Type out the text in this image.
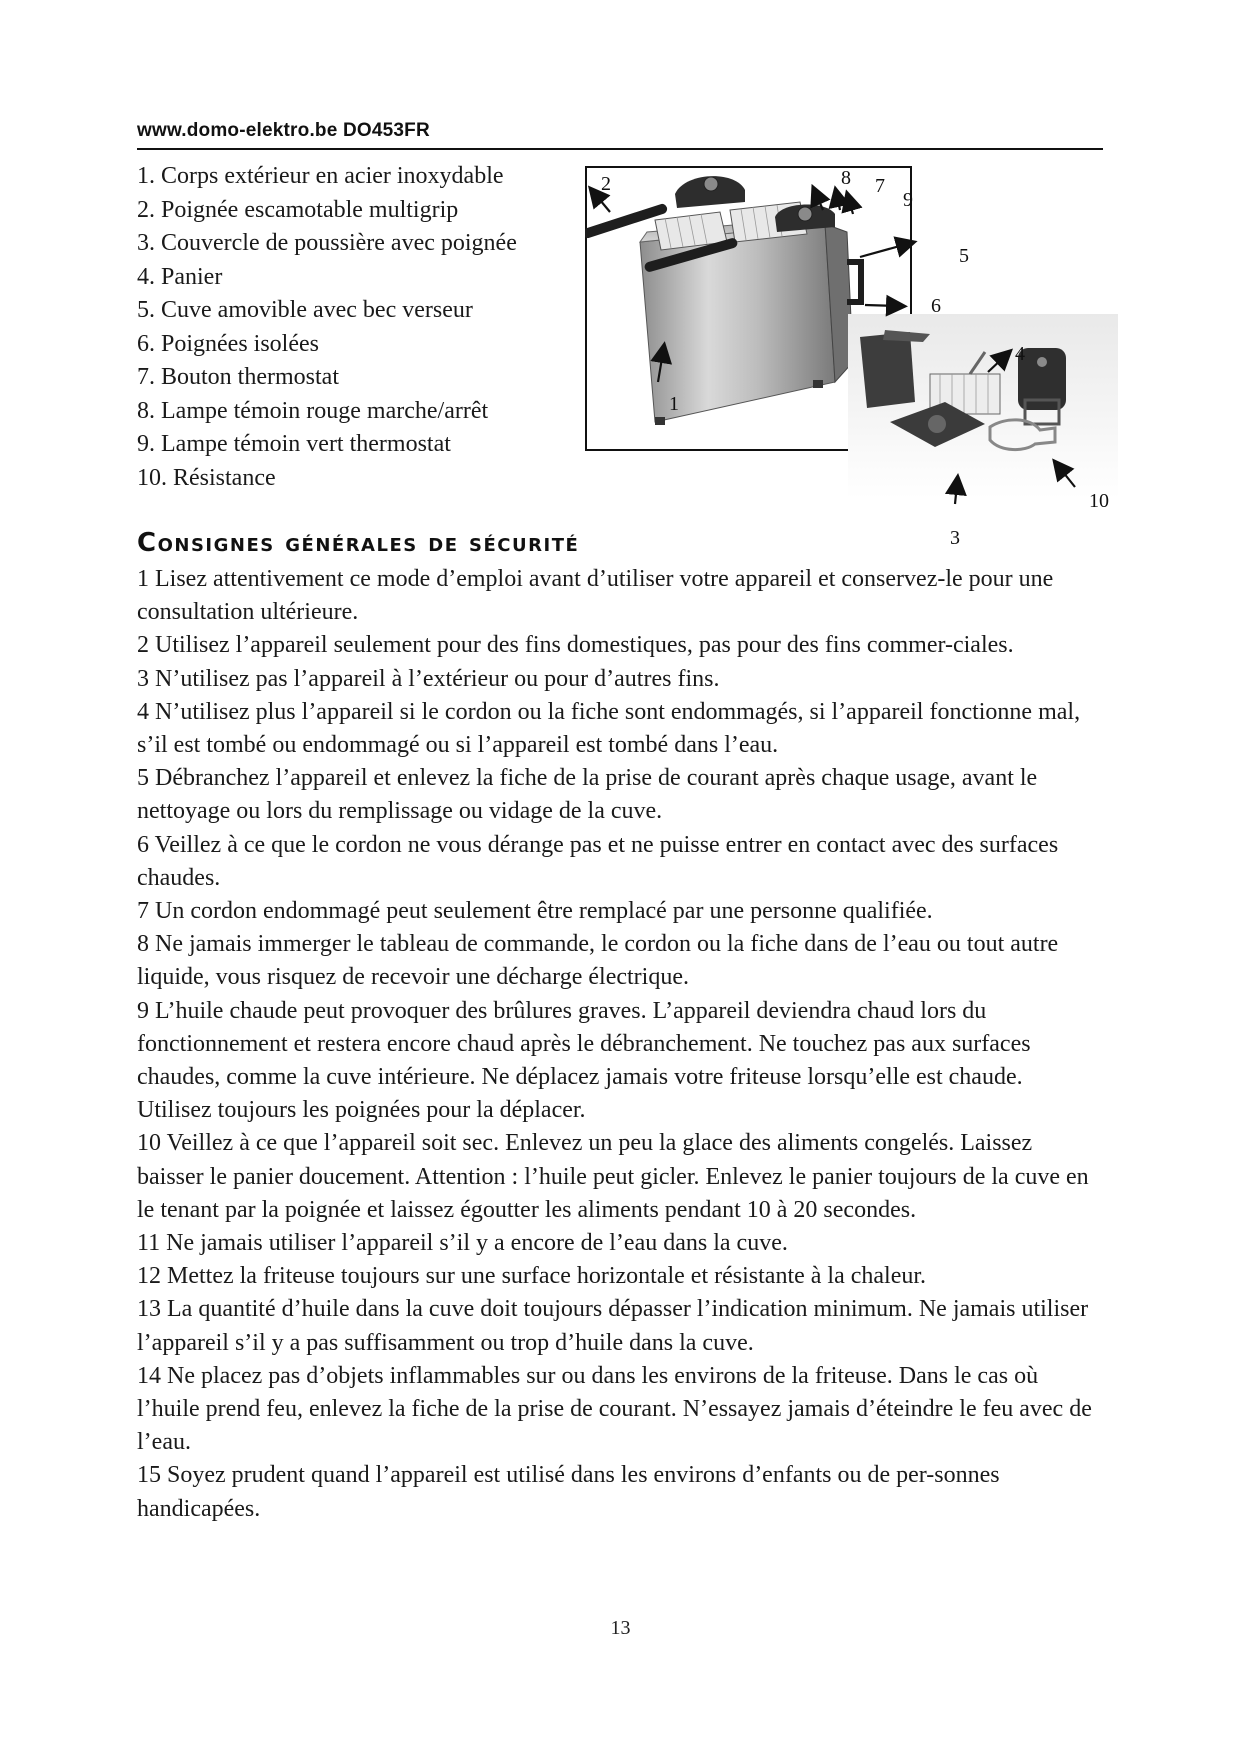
www.domo-elektro.be DO453FR
1. Corps extérieur en acier inoxydable
2. Poignée escamotable multigrip
3. Couvercle de poussière avec poignée
4. Panier
5. Cuve amovible avec bec verseur
6. Poignées isolées
7. Bouton thermostat
8. Lampe témoin rouge marche/arrêt
9. Lampe témoin vert thermostat
10. Résistance
2	8 7
9
5
6
4
1
10
3
Consignes générales de sécurité

1 Lisez attentivement ce mode d’emploi avant d’utiliser votre appareil et conservez-le pour une consultation ultérieure.

2 Utilisez l’appareil seulement pour des fins domestiques, pas pour des fins commer-ciales.

3 N’utilisez pas l’appareil à l’extérieur ou pour d’autres fins.

4 N’utilisez plus l’appareil si le cordon ou la fiche sont endommagés, si l’appareil fonctionne mal, s’il est tombé ou endommagé ou si l’appareil est tombé dans l’eau.

5 Débranchez l’appareil et enlevez la fiche de la prise de courant après chaque usage, avant le nettoyage ou lors du remplissage ou vidage de la cuve.

6 Veillez à ce que le cordon ne vous dérange pas et ne puisse entrer en contact avec des surfaces chaudes.

7 Un cordon endommagé peut seulement être remplacé par une personne qualifiée.

8 Ne jamais immerger le tableau de commande, le cordon ou la fiche dans de l’eau ou tout autre liquide, vous risquez de recevoir une décharge électrique.

9 L’huile chaude peut provoquer des brûlures graves. L’appareil deviendra chaud lors du fonctionnement et restera encore chaud après le débranchement. Ne touchez pas aux surfaces chaudes, comme la cuve intérieure. Ne déplacez jamais votre friteuse lorsqu’elle est chaude. Utilisez toujours les poignées pour la déplacer.

10 Veillez à ce que l’appareil soit sec. Enlevez un peu la glace des aliments congelés. Laissez baisser le panier doucement. Attention : l’huile peut gicler. Enlevez le panier toujours de la cuve en le tenant par la poignée et laissez égoutter les aliments pendant 10 à 20 secondes.

11 Ne jamais utiliser l’appareil s’il y a encore de l’eau dans la cuve.

12 Mettez la friteuse toujours sur une surface horizontale et résistante à la chaleur.

13 La quantité d’huile dans la cuve doit toujours dépasser l’indication minimum. Ne jamais utiliser l’appareil s’il y a pas suffisamment ou trop d’huile dans la cuve.

14 Ne placez pas d’objets inflammables sur ou dans les environs de la friteuse. Dans le cas où l’huile prend feu, enlevez la fiche de la prise de courant. N’essayez jamais d’éteindre le feu avec de l’eau.

15 Soyez prudent quand l’appareil est utilisé dans les environs d’enfants ou de per-sonnes handicapées.

13
